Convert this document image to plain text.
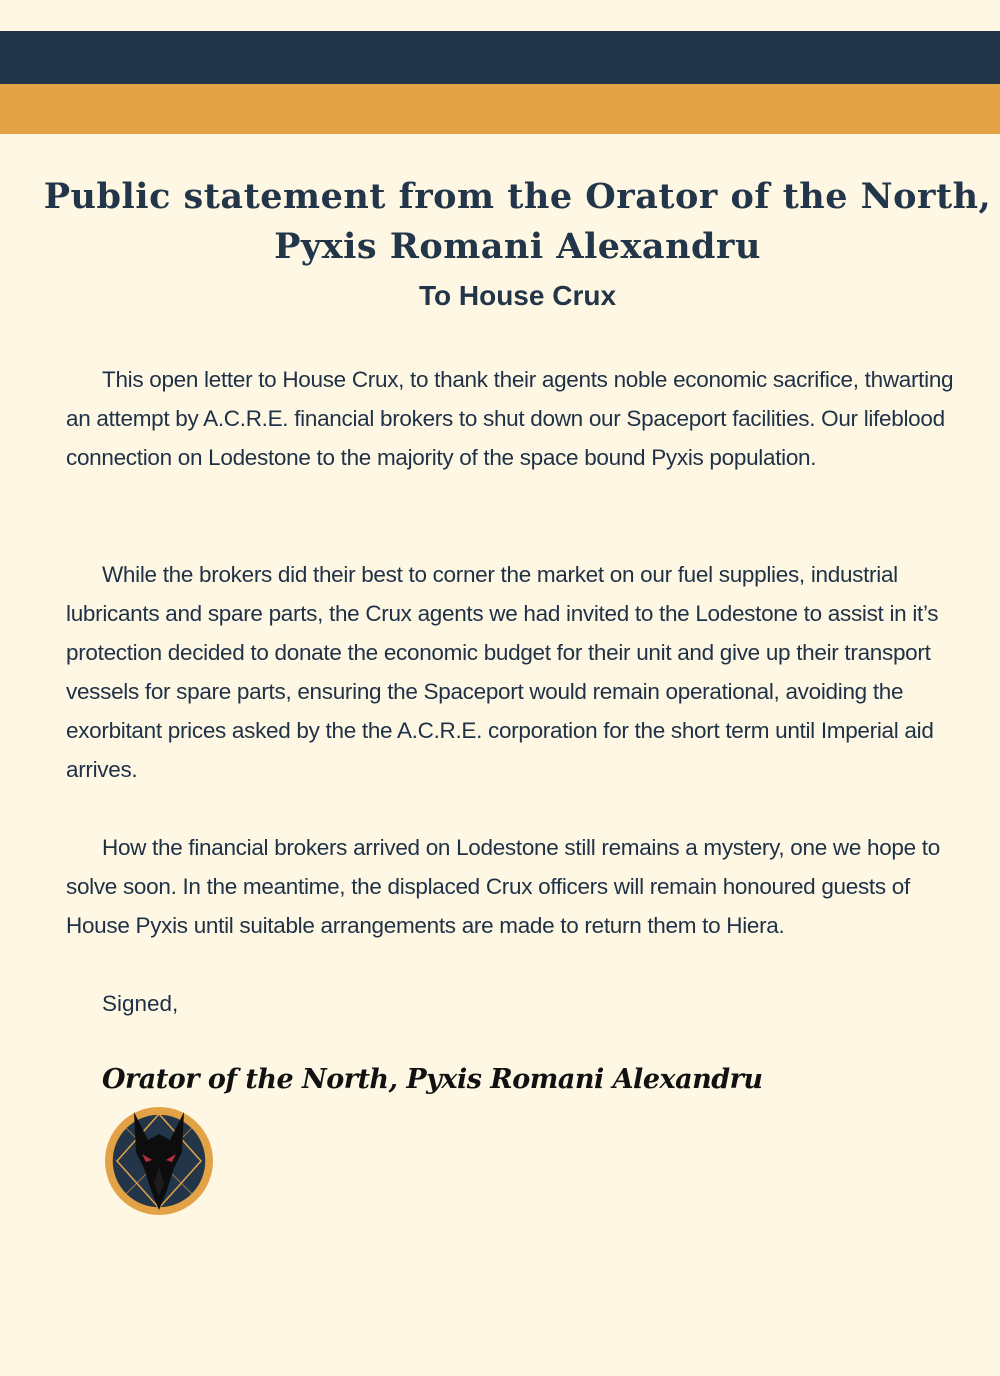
Public statement from the Orator of the North,
Pyxis Romani Alexandru
To House Crux

This open letter to House Crux, to thank their agents noble economic sacrifice, thwarting an attempt by A.C.R.E. financial brokers to shut down our Spaceport facilities. Our lifeblood connection on Lodestone to the majority of the space bound Pyxis population.

While the brokers did their best to corner the market on our fuel supplies, industrial lubricants and spare parts, the Crux agents we had invited to the Lodestone to assist in it’s protection decided to donate the economic budget for their unit and give up their transport vessels for spare parts, ensuring the Spaceport would remain operational, avoiding the exorbitant prices asked by the the A.C.R.E. corporation for the short term until Imperial aid arrives.

How the financial brokers arrived on Lodestone still remains a mystery, one we hope to solve soon. In the meantime, the displaced Crux officers will remain honoured guests of House Pyxis until suitable arrangements are made to return them to Hiera.

Signed,
Orator of the North, Pyxis Romani Alexandru
